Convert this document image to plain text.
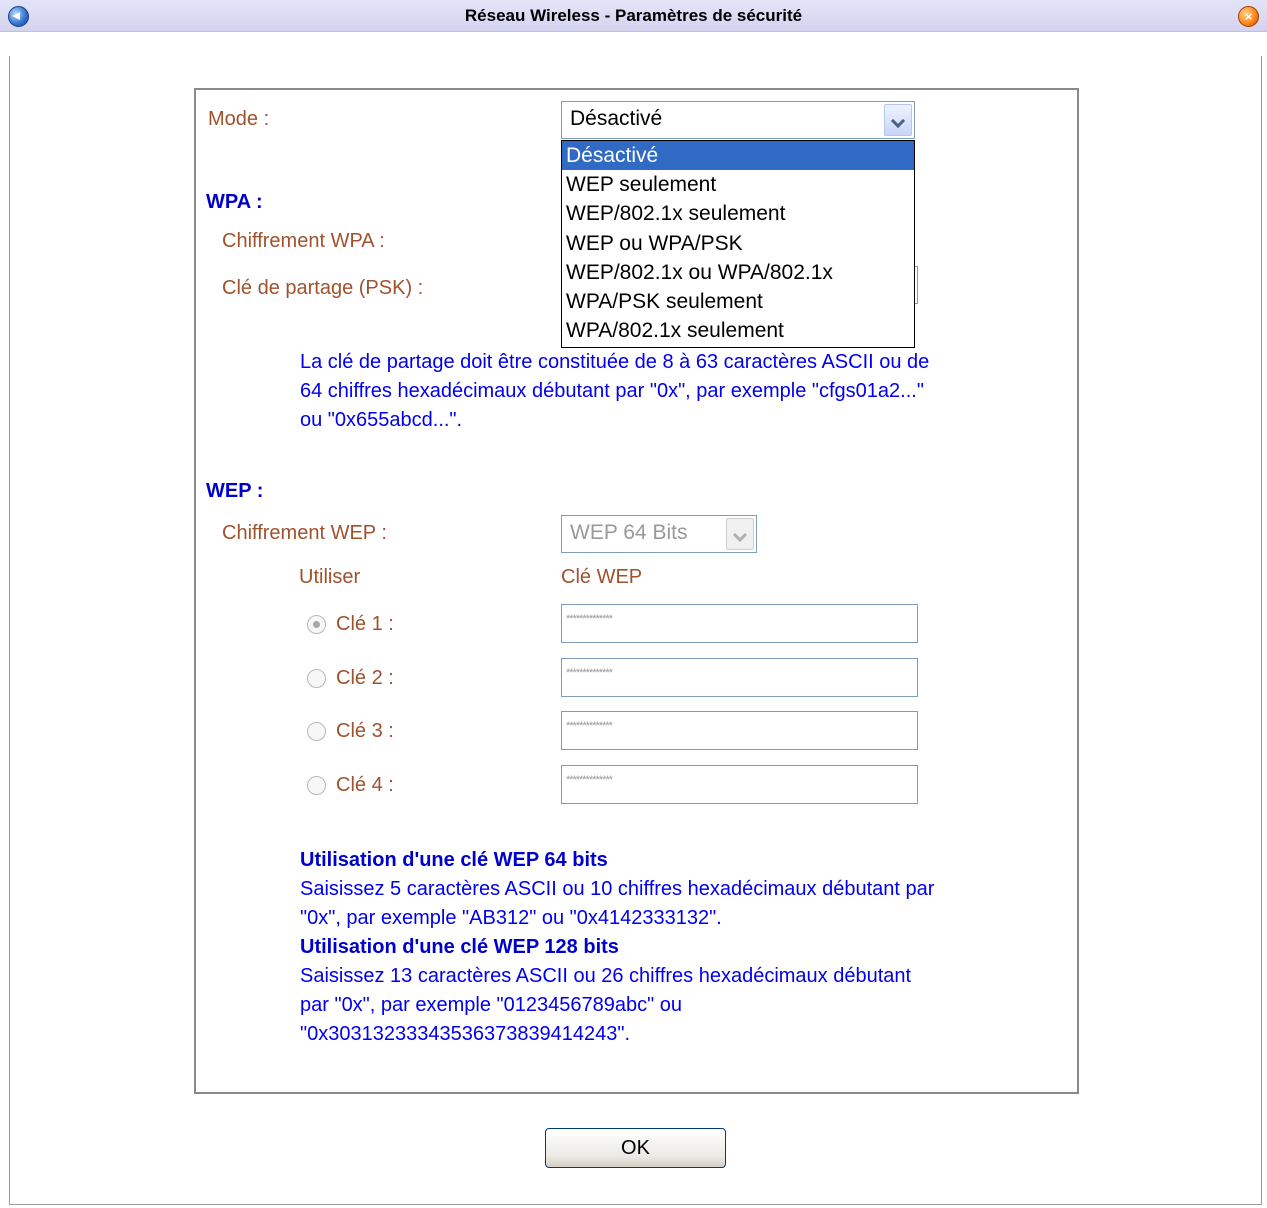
Réseau Wireless - Paramètres de sécurité	×
Mode :	Désactivé
WPA :
Chiffrement WPA :
Clé de partage (PSK) :
La clé de partage doit être constituée de 8 à 63 caractères ASCII ou de
64 chiffres hexadécimaux débutant par "0x", par exemple "cfgs01a2..."
ou "0x655abcd...".
Désactivé
WEP seulement
WEP/802.1x seulement
WEP ou WPA/PSK
WEP/802.1x ou WPA/802.1x
WPA/PSK seulement
WPA/802.1x seulement
WEP :
Chiffrement WEP :	WEP 64 Bits
Utiliser	Clé WEP
Clé 1 :	**************
Clé 2 :	**************
Clé 3 :	**************
Clé 4 :	**************
Utilisation d'une clé WEP 64 bits
Saisissez 5 caractères ASCII ou 10 chiffres hexadécimaux débutant par
"0x", par exemple "AB312" ou "0x4142333132".
Utilisation d'une clé WEP 128 bits
Saisissez 13 caractères ASCII ou 26 chiffres hexadécimaux débutant
par "0x", par exemple "0123456789abc" ou
"0x30313233343536373839414243".
OK
